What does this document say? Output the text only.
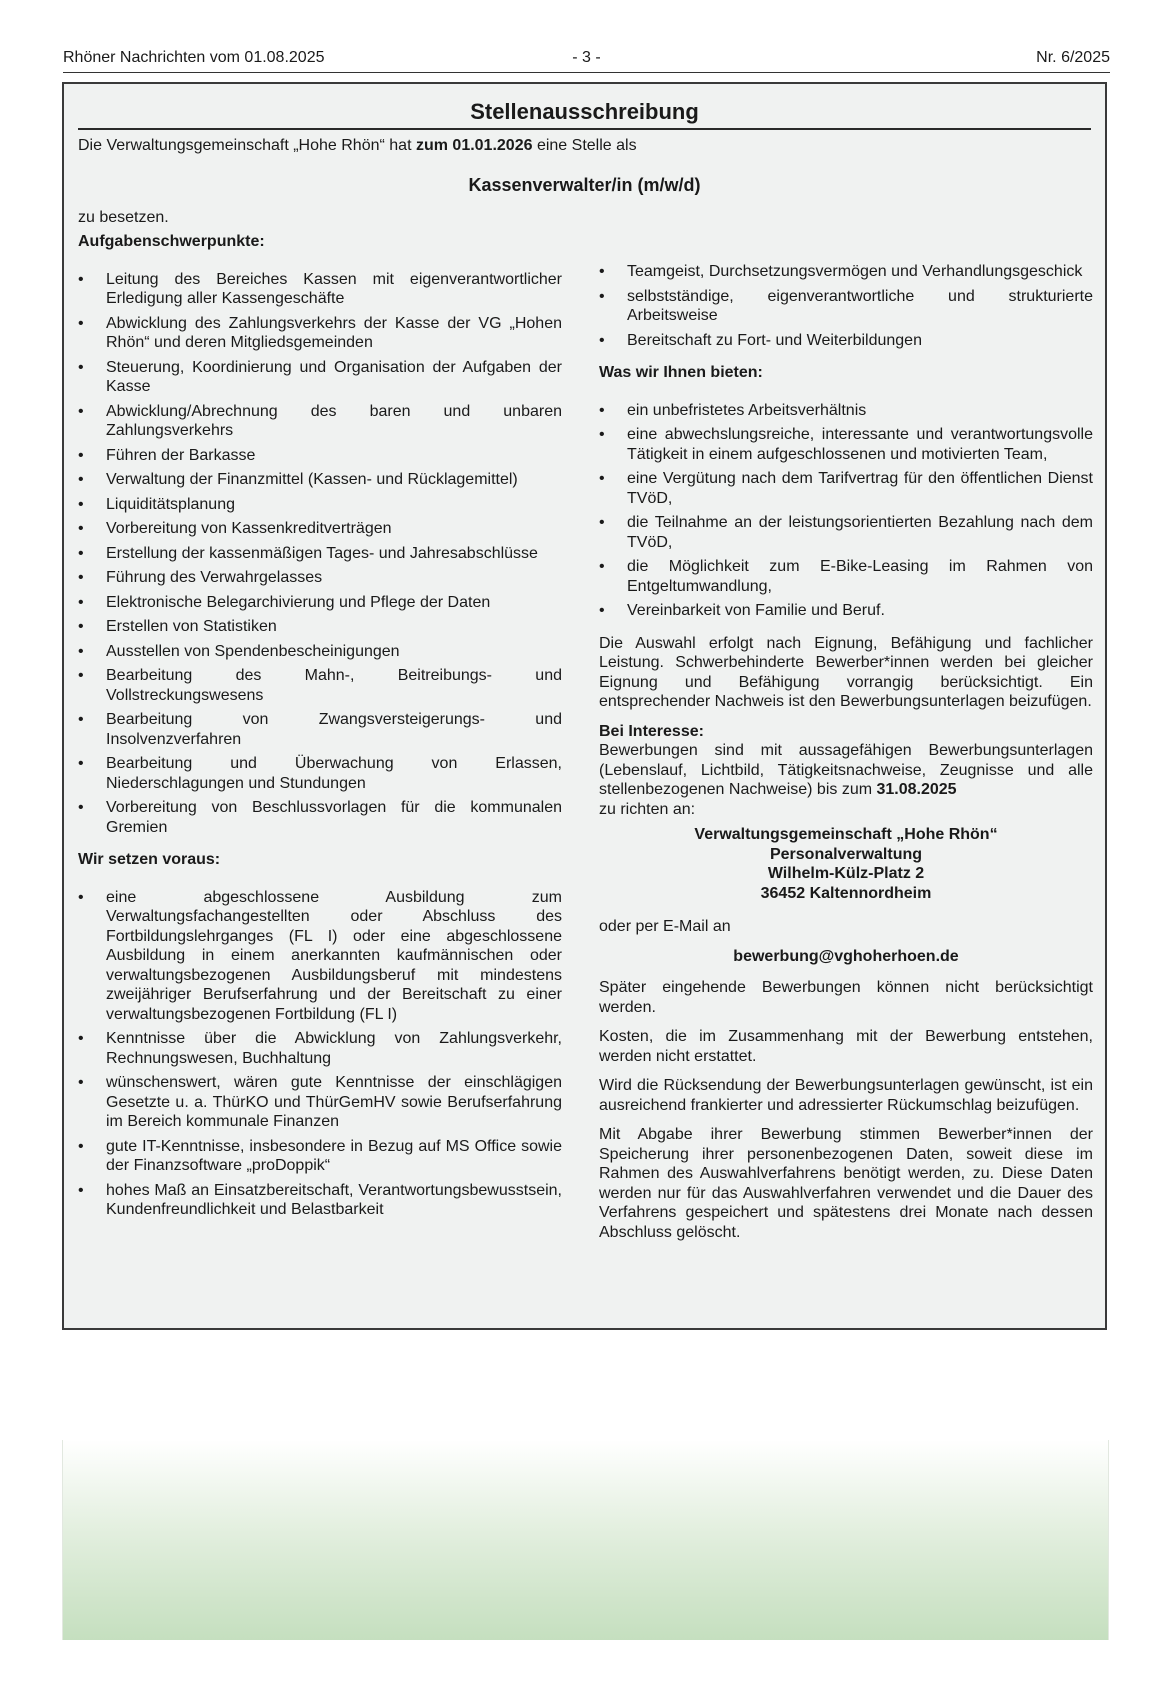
Rhöner Nachrichten vom 01.08.2025	- 3 -	Nr. 6/2025
Stellenausschreibung
Die Verwaltungsgemeinschaft „Hohe Rhön“ hat zum 01.01.2026 eine Stelle als
Kassenverwalter/in (m/w/d)
zu besetzen.
Aufgabenschwerpunkte:
• Leitung des Bereiches Kassen mit eigenverantwortlicher Erledigung aller Kassengeschäfte
• Abwicklung des Zahlungsverkehrs der Kasse der VG „Hohen Rhön“ und deren Mitgliedsgemeinden
• Steuerung, Koordinierung und Organisation der Aufgaben der Kasse
• Abwicklung/Abrechnung des baren und unbaren Zahlungsverkehrs
• Führen der Barkasse
• Verwaltung der Finanzmittel (Kassen- und Rücklagemittel)
• Liquiditätsplanung
• Vorbereitung von Kassenkreditverträgen
• Erstellung der kassenmäßigen Tages- und Jahresabschlüsse
• Führung des Verwahrgelasses
• Elektronische Belegarchivierung und Pflege der Daten
• Erstellen von Statistiken
• Ausstellen von Spendenbescheinigungen
• Bearbeitung des Mahn-, Beitreibungs- und Vollstreckungswesens
• Bearbeitung von Zwangsversteigerungs- und Insolvenzverfahren
• Bearbeitung und Überwachung von Erlassen, Niederschlagungen und Stundungen
• Vorbereitung von Beschlussvorlagen für die kommunalen Gremien
Wir setzen voraus:
• eine abgeschlossene Ausbildung zum Verwaltungsfachangestellten oder Abschluss des Fortbildungslehrganges (FL I) oder eine abgeschlossene Ausbildung in einem anerkannten kaufmännischen oder verwaltungsbezogenen Ausbildungsberuf mit mindestens zweijähriger Berufserfahrung und der Bereitschaft zu einer verwaltungsbezogenen Fortbildung (FL I)
• Kenntnisse über die Abwicklung von Zahlungsverkehr, Rechnungswesen, Buchhaltung
• wünschenswert, wären gute Kenntnisse der einschlägigen Gesetzte u. a. ThürKO und ThürGemHV sowie Berufserfahrung im Bereich kommunale Finanzen
• gute IT-Kenntnisse, insbesondere in Bezug auf MS Office sowie der Finanzsoftware „proDoppik“
• hohes Maß an Einsatzbereitschaft, Verantwortungsbewusstsein, Kundenfreundlichkeit und Belastbarkeit
• Teamgeist, Durchsetzungsvermögen und Verhandlungsgeschick
• selbstständige, eigenverantwortliche und strukturierte Arbeitsweise
• Bereitschaft zu Fort- und Weiterbildungen
Was wir Ihnen bieten:
• ein unbefristetes Arbeitsverhältnis
• eine abwechslungsreiche, interessante und verantwortungsvolle Tätigkeit in einem aufgeschlossenen und motivierten Team,
• eine Vergütung nach dem Tarifvertrag für den öffentlichen Dienst TVöD,
• die Teilnahme an der leistungsorientierten Bezahlung nach dem TVöD,
• die Möglichkeit zum E-Bike-Leasing im Rahmen von Entgeltumwandlung,
• Vereinbarkeit von Familie und Beruf.

Die Auswahl erfolgt nach Eignung, Befähigung und fachlicher Leistung. Schwerbehinderte Bewerber*innen werden bei gleicher Eignung und Befähigung vorrangig berücksichtigt. Ein entsprechender Nachweis ist den Bewerbungsunterlagen beizufügen.

Bei Interesse:
Bewerbungen sind mit aussagefähigen Bewerbungsunterlagen (Lebenslauf, Lichtbild, Tätigkeitsnachweise, Zeugnisse und alle stellenbezogenen Nachweise) bis zum 31.08.2025
zu richten an:
Verwaltungsgemeinschaft „Hohe Rhön“
Personalverwaltung
Wilhelm-Külz-Platz 2
36452 Kaltennordheim
oder per E-Mail an
bewerbung@vghoherhoen.de

Später eingehende Bewerbungen können nicht berücksichtigt werden.

Kosten, die im Zusammenhang mit der Bewerbung entstehen, werden nicht erstattet.

Wird die Rücksendung der Bewerbungsunterlagen gewünscht, ist ein ausreichend frankierter und adressierter Rückumschlag beizufügen.

Mit Abgabe ihrer Bewerbung stimmen Bewerber*innen der Speicherung ihrer personenbezogenen Daten, soweit diese im Rahmen des Auswahlverfahrens benötigt werden, zu. Diese Daten werden nur für das Auswahlverfahren verwendet und die Dauer des Verfahrens gespeichert und spätestens drei Monate nach dessen Abschluss gelöscht.
